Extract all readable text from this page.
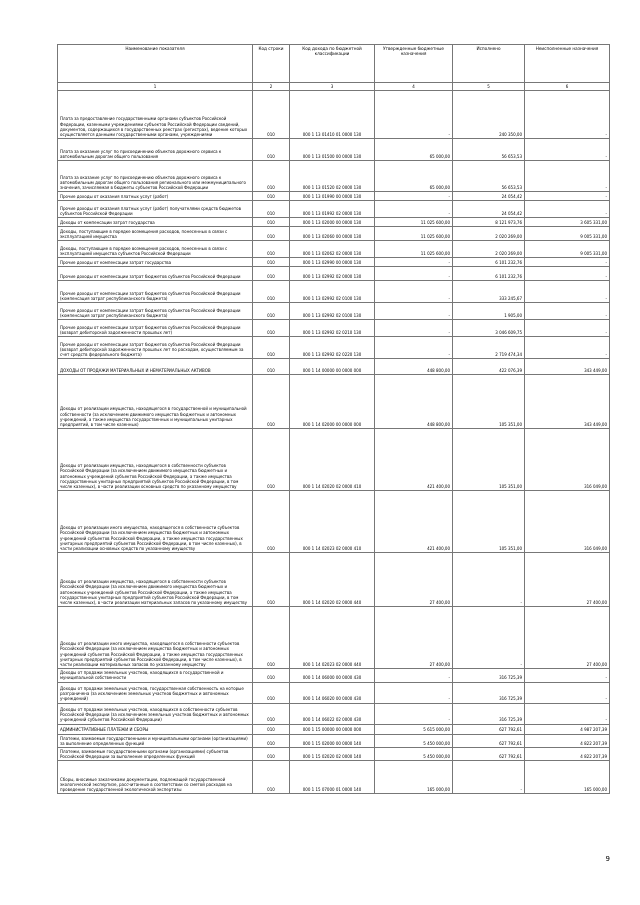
Наименование показателя	Код строки	Код дохода по бюджетной классификации	Утвержденные бюджетные назначения	Исполнено	Неисполненные назначения
1	2	3	4	5	6
Плата за предоставление государственными органами субъектов Российской Федерации, казенными учреждениями субъектов Российской Федерации сведений, документов, содержащихся в государственных реестрах (регистрах), ведение которых осуществляется данными государственными органами, учреждениями	010	000 1 13 01410 01 0000 130	-	240 350,00	-
Плата за оказание услуг по присоединению объектов дорожного сервиса к автомобильным дорогам общего пользования	010	000 1 13 01500 00 0000 130	65 000,00	56 653,53	-
Плата за оказание услуг по присоединению объектов дорожного сервиса к автомобильным дорогам общего пользования регионального или межмуниципального значения, зачисляемая в бюджеты субъектов Российской Федерации	010	000 1 13 01520 02 0000 130	65 000,00	56 653,53	-
Прочие доходы от оказания платных услуг (работ)	010	000 1 13 01990 00 0000 130	-	24 054,42	-
Прочие доходы от оказания платных услуг (работ) получателями средств бюджетов субъектов Российской Федерации	010	000 1 13 01992 02 0000 130	-	24 054,42	-
Доходы от компенсации затрат государства	010	000 1 13 02000 00 0000 130	11 025 600,00	8 121 973,76	3 605 331,00
Доходы, поступающие в порядке возмещения расходов, понесенных в связи с эксплуатацией имущества	010	000 1 13 02060 00 0000 130	11 025 600,00	2 020 269,00	9 005 331,00
Доходы, поступающие в порядке возмещения расходов, понесенных в связи с эксплуатацией имущества субъектов Российской Федерации	010	000 1 13 02062 02 0000 130	11 025 600,00	2 020 269,00	9 005 331,00
Прочие доходы от компенсации затрат государства	010	000 1 13 02990 00 0000 130	-	6 101 232,76	-
Прочие доходы от компенсации затрат бюджетов субъектов Российской Федерации	010	000 1 13 02992 02 0000 130	-	6 101 232,76	-
Прочие доходы от компенсации затрат бюджетов субъектов Российской Федерации (компенсация затрат республиканского бюджета)	010	000 1 13 02992 02 0100 130	-	333 245,67	-
Прочие доходы от компенсации затрат бюджетов субъектов Российской Федерации (компенсация затрат республиканского бюджета)	010	000 1 13 02992 02 0100 130	-	1 905,00	-
Прочие доходы от компенсации затрат бюджетов субъектов Российской Федерации (возврат дебиторской задолженности прошлых лет)	010	000 1 13 02992 02 0210 130	-	3 046 609,75	-
Прочие доходы от компенсации затрат бюджетов субъектов Российской Федерации (возврат дебиторской задолженности прошлых лет по расходам, осуществляемым за счет средств федерального бюджета)	010	000 1 13 02992 02 0220 130	-	2 719 474,34	-
ДОХОДЫ ОТ ПРОДАЖИ МАТЕРИАЛЬНЫХ И НЕМАТЕРИАЛЬНЫХ АКТИВОВ	010	000 1 14 00000 00 0000 000	448 800,00	422 076,39	343 449,00
Доходы от реализации имущества, находящегося в государственной и муниципальной собственности (за исключением движимого имущества бюджетных и автономных учреждений, а также имущества государственных и муниципальных унитарных предприятий, в том числе казенных)	010	000 1 14 02000 00 0000 000	448 800,00	105 351,00	343 449,00
Доходы от реализации имущества, находящегося в собственности субъектов Российской Федерации (за исключением движимого имущества бюджетных и автономных учреждений субъектов Российской Федерации, а также имущества государственных унитарных предприятий субъектов Российской Федерации, в том числе казенных), в части реализации основных средств по указанному имуществу	010	000 1 14 02020 02 0000 410	421 400,00	105 351,00	316 049,00
Доходы от реализации иного имущества, находящегося в собственности субъектов Российской Федерации (за исключением имущества бюджетных и автономных учреждений субъектов Российской Федерации, а также имущества государственных унитарных предприятий субъектов Российской Федерации, в том числе казенных), в части реализации основных средств по указанному имуществу	010	000 1 14 02023 02 0000 410	421 400,00	105 351,00	316 049,00
Доходы от реализации имущества, находящегося в собственности субъектов Российской Федерации (за исключением движимого имущества бюджетных и автономных учреждений субъектов Российской Федерации, а также имущества государственных унитарных предприятий субъектов Российской Федерации, в том числе казенных), в части реализации материальных запасов по указанному имуществу	010	000 1 14 02020 02 0000 440	27 400,00	-	27 400,00
Доходы от реализации иного имущества, находящегося в собственности субъектов Российской Федерации (за исключением имущества бюджетных и автономных учреждений субъектов Российской Федерации, а также имущества государственных унитарных предприятий субъектов Российской Федерации, в том числе казенных), в части реализации материальных запасов по указанному имуществу	010	000 1 14 02023 02 0000 440	27 400,00	-	27 400,00
Доходы от продажи земельных участков, находящихся в государственной и муниципальной собственности	010	000 1 14 06000 00 0000 430	-	316 725,39	-
Доходы от продажи земельных участков, государственная собственность на которые разграничена (за исключением земельных участков бюджетных и автономных учреждений)	010	000 1 14 06020 00 0000 430	-	316 725,39	-
Доходы от продажи земельных участков, находящихся в собственности субъектов Российской Федерации (за исключением земельных участков бюджетных и автономных учреждений субъектов Российской Федерации)	010	000 1 14 06022 02 0000 430	-	316 725,39	-
АДМИНИСТРАТИВНЫЕ ПЛАТЕЖИ И СБОРЫ	010	000 1 15 00000 00 0000 000	5 615 000,00	627 792,61	4 987 207,39
Платежи, взимаемые государственными и муниципальными органами (организациями) за выполнение определенных функций	010	000 1 15 02000 00 0000 140	5 450 000,00	627 792,61	4 822 207,39
Платежи, взимаемые государственными органами (организациями) субъектов Российской Федерации за выполнение определенных функций	010	000 1 15 02020 02 0000 140	5 450 000,00	627 792,61	4 822 207,39
Сборы, вносимые заказчиками документации, подлежащей государственной экологической экспертизе, рассчитанные в соответствии со сметой расходов на проведение государственной экологической экспертизы	010	000 1 15 07000 01 0000 140	165 000,00	-	165 000,00
9
